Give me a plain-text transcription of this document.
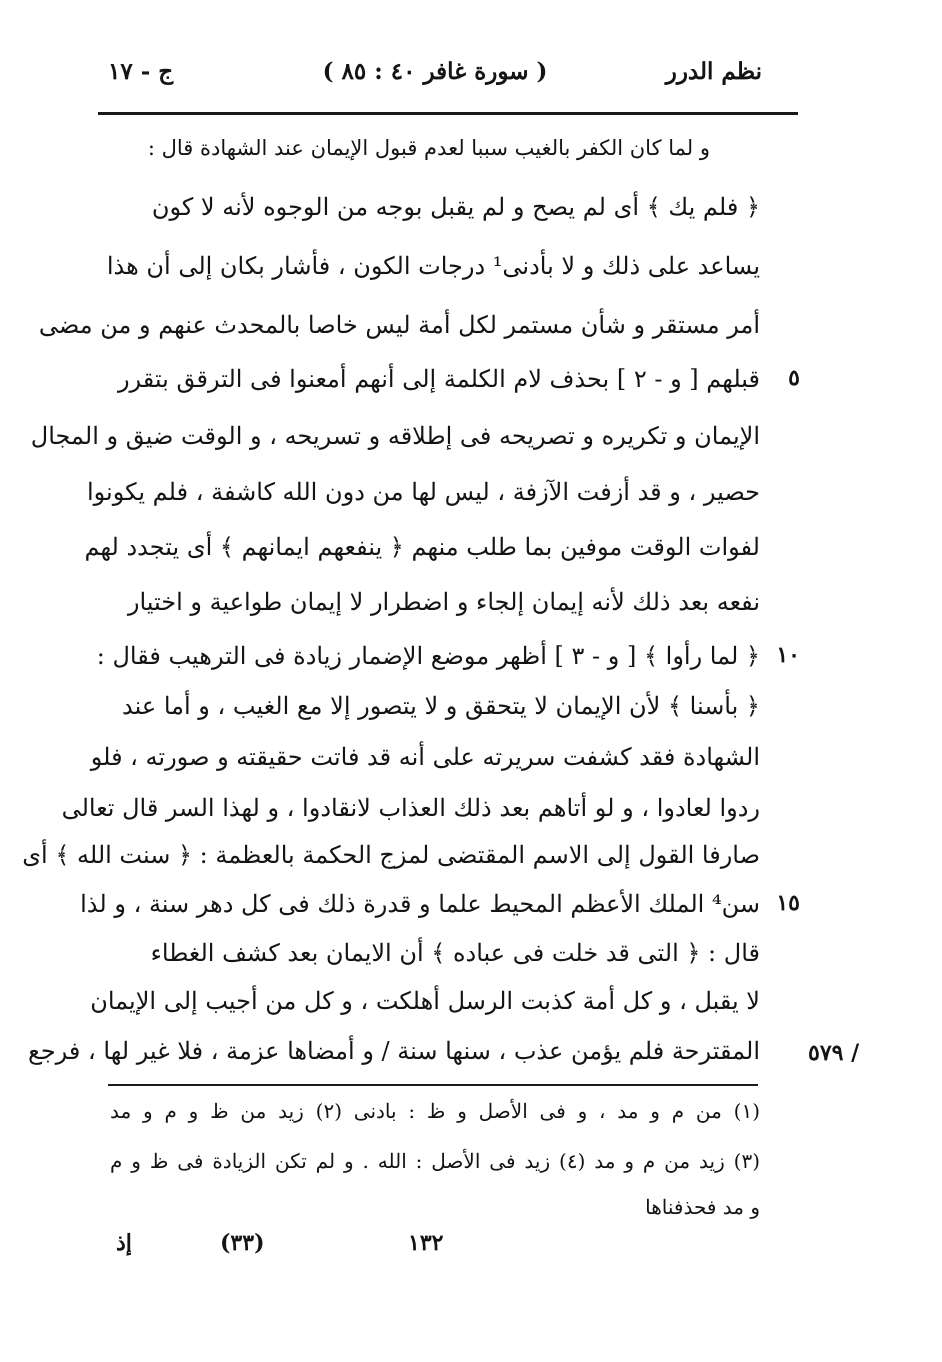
نظم الدرر
( سورة غافر ٤٠ : ٨٥ )
ج - ١٧
و لما كان الكفر بالغيب سببا لعدم قبول الإيمان عند الشهادة قال :
﴿ فلم يك ﴾ أى لم يصح و لم يقبل بوجه من الوجوه لأنه لا كون
يساعد على ذلك و لا بأدنى¹ درجات الكون ، فأشار بكان إلى أن هذا
أمر مستقر و شأن مستمر لكل أمة ليس خاصا بالمحدث عنهم و من مضى
قبلهم [ و - ٢ ] بحذف لام الكلمة إلى أنهم أمعنوا فى الترقق بتقرر
الإيمان و تكريره و تصريحه فى إطلاقه و تسريحه ، و الوقت ضيق و المجال
حصير ، و قد أزفت الآزفة ، ليس لها من دون الله كاشفة ، فلم يكونوا
لفوات الوقت موفين بما طلب منهم ﴿ ينفعهم ايمانهم ﴾ أى يتجدد لهم
نفعه بعد ذلك لأنه إيمان إلجاء و اضطرار لا إيمان طواعية و اختيار
﴿ لما رأوا ﴾ [ و - ٣ ] أظهر موضع الإضمار زيادة فى الترهيب فقال :
﴿ بأسنا ﴾ لأن الإيمان لا يتحقق و لا يتصور إلا مع الغيب ، و أما عند
الشهادة فقد كشفت سريرته على أنه قد فاتت حقيقته و صورته ، فلو
ردوا لعادوا ، و لو أتاهم بعد ذلك العذاب لانقادوا ، و لهذا السر قال تعالى
صارفا القول إلى الاسم المقتضى لمزج الحكمة بالعظمة : ﴿ سنت الله ﴾ أى
سن⁴ الملك الأعظم المحيط علما و قدرة ذلك فى كل دهر سنة ، و لذا
قال : ﴿ التى قد خلت فى عباده ﴾ أن الايمان بعد كشف الغطاء
لا يقبل ، و كل أمة كذبت الرسل أهلكت ، و كل من أجيب إلى الإيمان
المقترحة فلم يؤمن عذب ، سنها سنة / و أمضاها عزمة ، فلا غير لها ، فرجع
٥
١٠
١٥
٥٧٩ /
(١) من م و مد ، و فى الأصل و ظ : بادنى (٢) زيد من ظ و م و مد
(٣) زيد من م و مد (٤) زيد فى الأصل : الله . و لم تكن الزيادة فى ظ و م
و مد فحذفناها
إذ	(٣٣)	١٣٢
